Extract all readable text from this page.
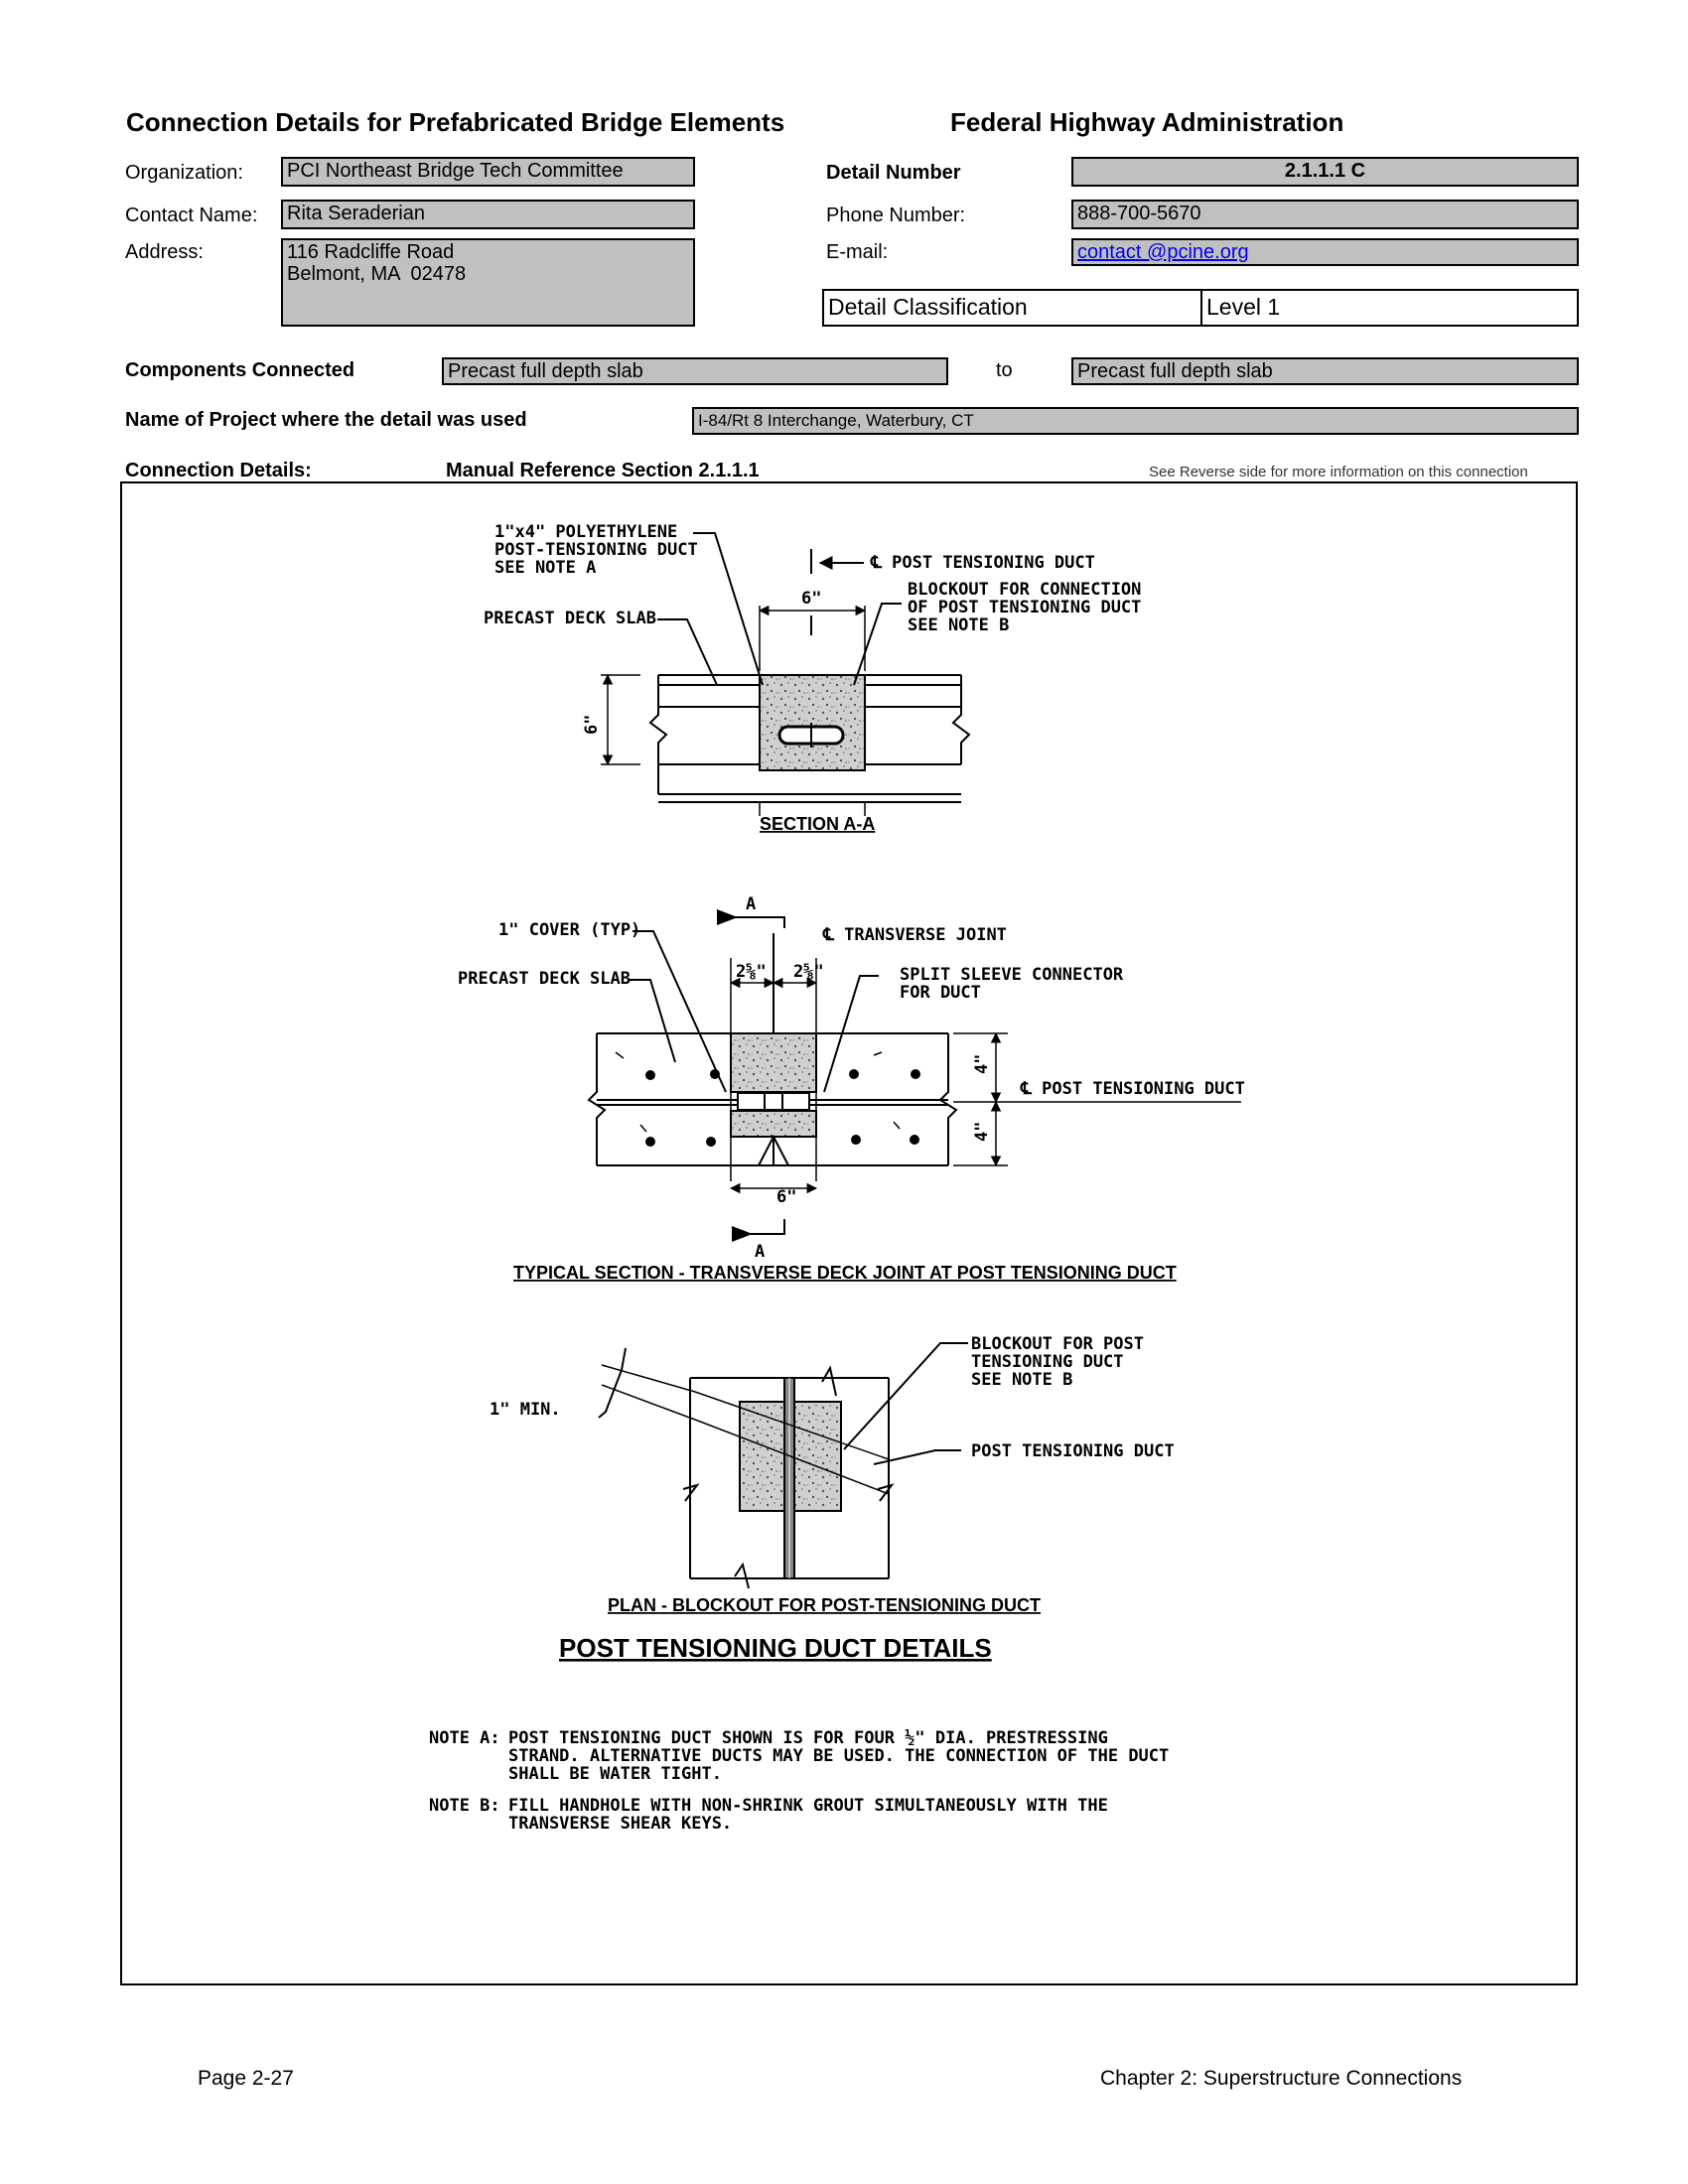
Connection Details for Prefabricated Bridge Elements	Federal Highway Administration
Organization:	PCI Northeast Bridge Tech Committee
Contact Name:	Rita Seraderian
Address:	116 Radcliffe Road
Belmont, MA  02478
Detail Number	2.1.1.1 C
Phone Number:	888-700-5670
E-mail:	contact @pcine.org
Detail Classification	Level 1
Components Connected	Precast full depth slab	to	Precast full depth slab
Name of Project where the detail was used	I-84/Rt 8 Interchange, Waterbury, CT
Connection Details:	Manual Reference Section 2.1.1.1	See Reverse side for more information on this connection
1"x4" POLYETHYLENE
POST-TENSIONING DUCT
SEE NOTE A	℄ POST TENSIONING DUCT
6"	BLOCKOUT FOR CONNECTION
OF POST TENSIONING DUCT
SEE NOTE B
PRECAST DECK SLAB
6"
SECTION A-A
1" COVER (TYP)
A
℄ TRANSVERSE JOINT
PRECAST DECK SLAB	2⅝" 2⅝"	SPLIT SLEEVE CONNECTOR
FOR DUCT
4"
4"
℄ POST TENSIONING DUCT
6"
A
TYPICAL SECTION - TRANSVERSE DECK JOINT AT POST TENSIONING DUCT
BLOCKOUT FOR POST
TENSIONING DUCT
SEE NOTE B
1" MIN.
POST TENSIONING DUCT
PLAN - BLOCKOUT FOR POST-TENSIONING DUCT
POST TENSIONING DUCT DETAILS
NOTE A: POST TENSIONING DUCT SHOWN IS FOR FOUR ½" DIA. PRESTRESSING
STRAND. ALTERNATIVE DUCTS MAY BE USED. THE CONNECTION OF THE DUCT
SHALL BE WATER TIGHT.
NOTE B: FILL HANDHOLE WITH NON-SHRINK GROUT SIMULTANEOUSLY WITH THE
TRANSVERSE SHEAR KEYS.
Page 2-27	Chapter 2: Superstructure Connections
